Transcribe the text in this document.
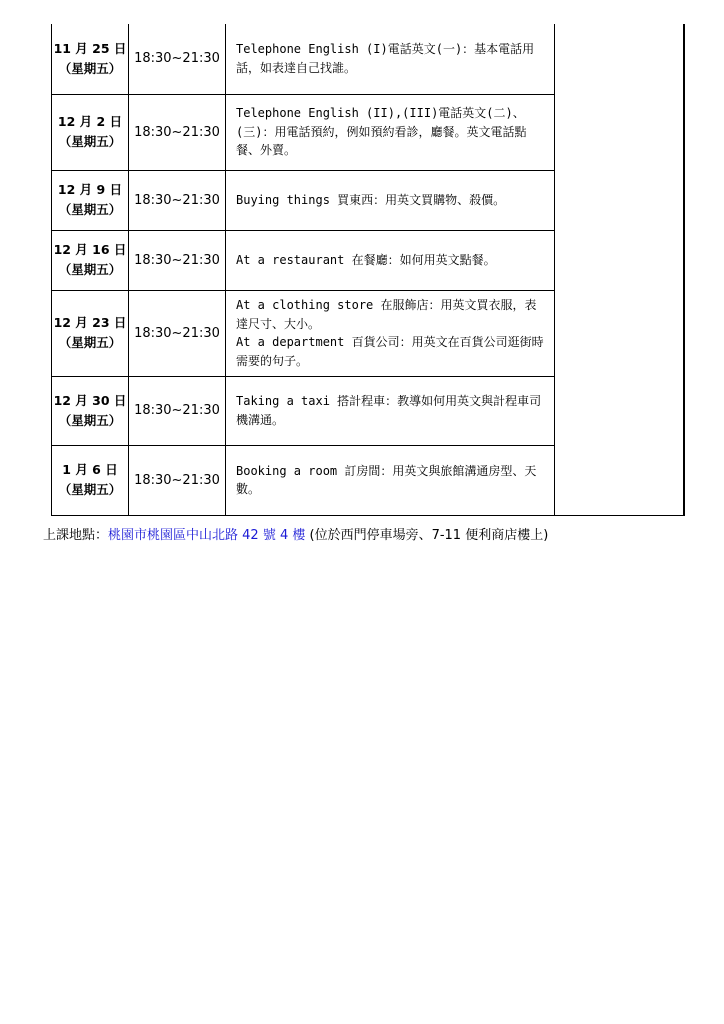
11 月 25 日
（星期五）	18:30~21:30	Telephone English (I)電話英文(一)：基本電話用話，如表達自己找誰。	

12 月 2 日
（星期五）	18:30~21:30	Telephone English (II),(III)電話英文(二)、(三)：用電話預約，例如預約看診，廳餐。英文電話點餐、外賣。	

12 月 9 日
（星期五）	18:30~21:30	Buying things 買東西：用英文買購物、殺價。	

12 月 16 日
（星期五）	18:30~21:30	At a restaurant 在餐廳：如何用英文點餐。	

12 月 23 日
（星期五）	18:30~21:30	At a clothing store 在服飾店：用英文買衣服，表達尺寸、大小。
At a department 百貨公司：用英文在百貨公司逛街時需要的句子。	

12 月 30 日
（星期五）	18:30~21:30	Taking a taxi 搭計程車：教導如何用英文與計程車司機溝通。	

1 月 6 日
（星期五）	18:30~21:30	Booking a room 訂房間：用英文與旅館溝通房型、天數。	
上課地點：桃園市桃園區中山北路 42 號 4 樓 (位於西門停車場旁、7-11 便利商店樓上)
